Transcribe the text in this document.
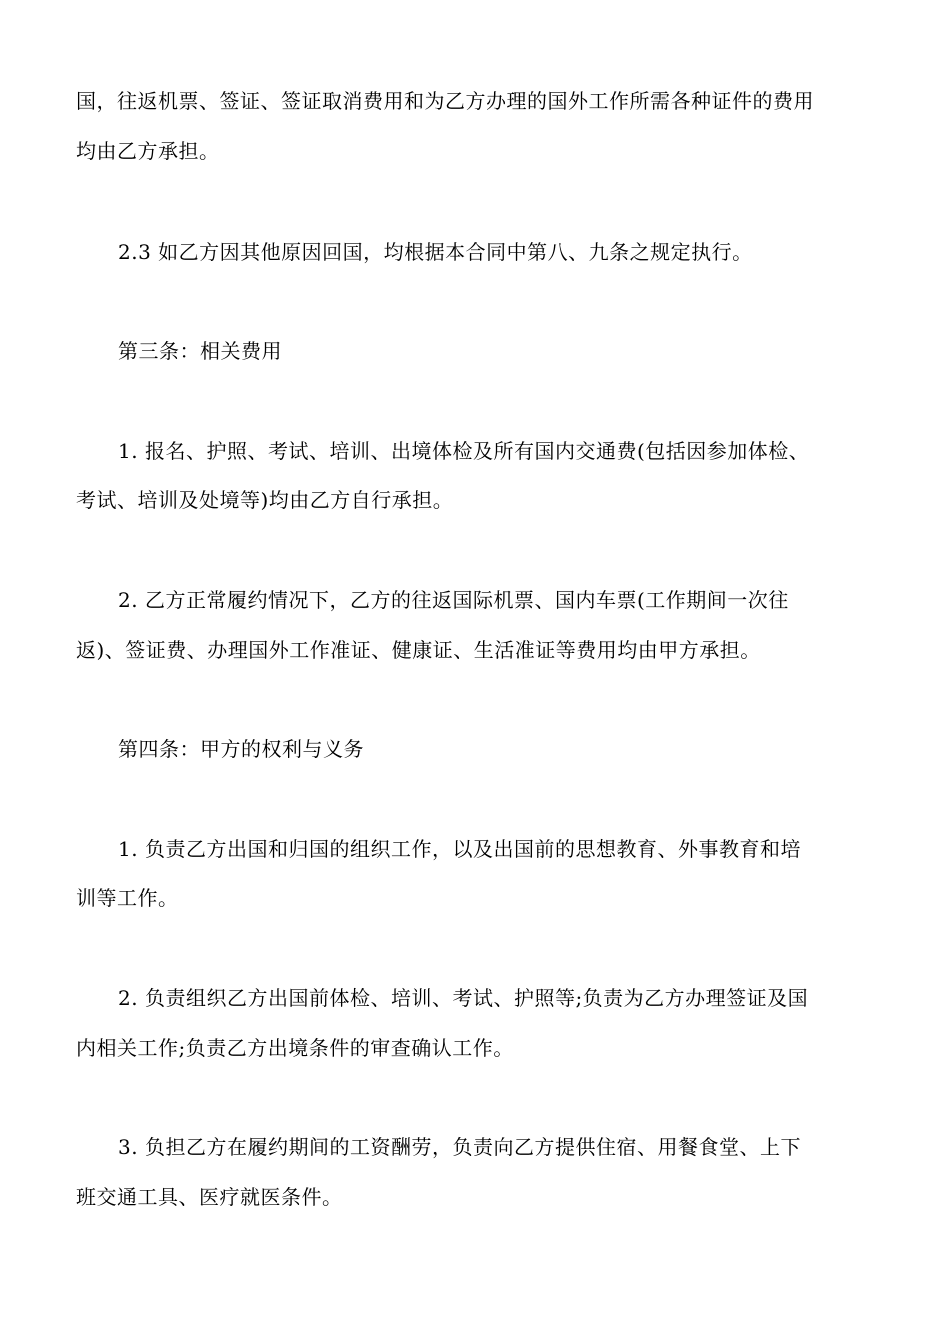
国，往返机票、签证、签证取消费用和为乙方办理的国外工作所需各种证件的费用
均由乙方承担。
2.3 如乙方因其他原因回国，均根据本合同中第八、九条之规定执行。
第三条：相关费用
1. 报名、护照、考试、培训、出境体检及所有国内交通费(包括因参加体检、
考试、培训及处境等)均由乙方自行承担。
2. 乙方正常履约情况下，乙方的往返国际机票、国内车票(工作期间一次往
返)、签证费、办理国外工作准证、健康证、生活准证等费用均由甲方承担。
第四条：甲方的权利与义务
1. 负责乙方出国和归国的组织工作，以及出国前的思想教育、外事教育和培
训等工作。
2. 负责组织乙方出国前体检、培训、考试、护照等;负责为乙方办理签证及国
内相关工作;负责乙方出境条件的审查确认工作。
3. 负担乙方在履约期间的工资酬劳，负责向乙方提供住宿、用餐食堂、上下
班交通工具、医疗就医条件。
